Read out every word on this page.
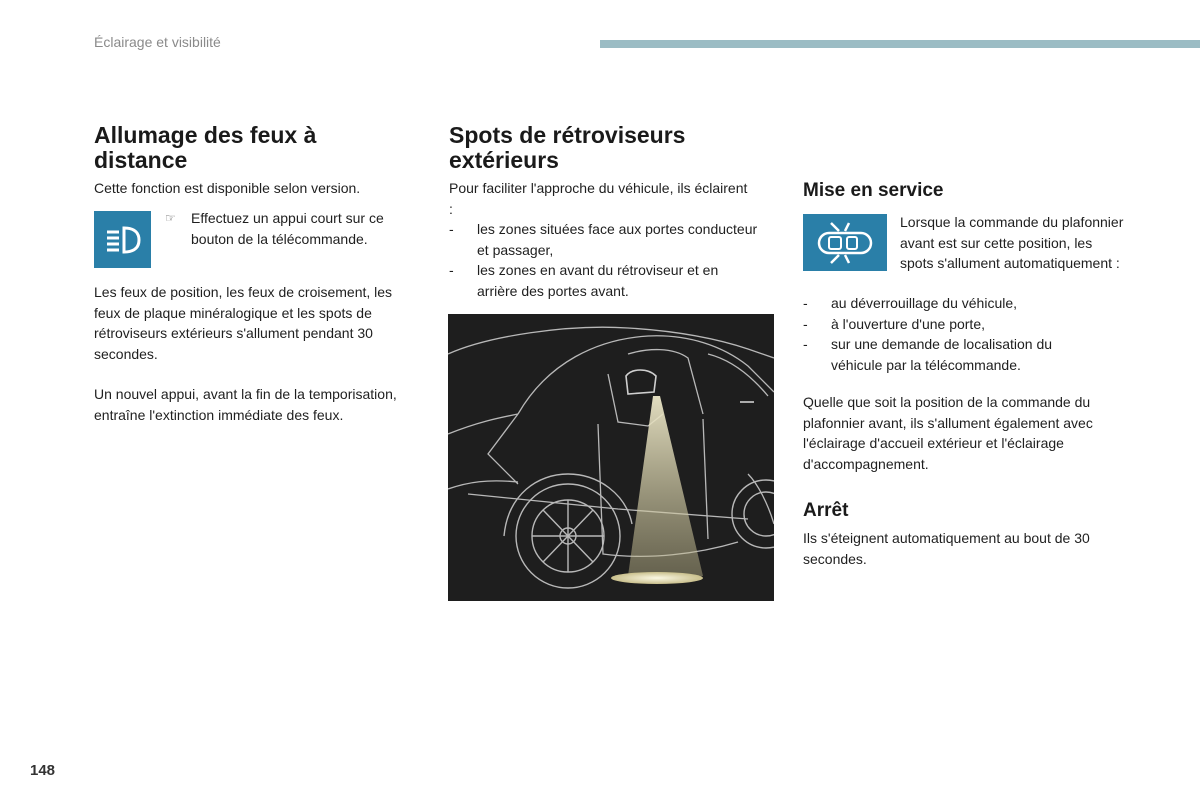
Éclairage et visibilité
Allumage des feux à distance

Cette fonction est disponible selon version.

☞ Effectuez un appui court sur ce bouton de la télécommande.

Les feux de position, les feux de croisement, les feux de plaque minéralogique et les spots de rétroviseurs extérieurs s'allument pendant 30 secondes.

Un nouvel appui, avant la fin de la temporisation, entraîne l'extinction immédiate des feux.

Spots de rétroviseurs extérieurs

Pour faciliter l'approche du véhicule, ils éclairent :

-	les zones situées face aux portes conducteur et passager,
-	les zones en avant du rétroviseur et en arrière des portes avant.
Mise en service

Lorsque la commande du plafonnier avant est sur cette position, les spots s'allument automatiquement :

-	au déverrouillage du véhicule,
-	à l'ouverture d'une porte,
-	sur une demande de localisation du véhicule par la télécommande.

Quelle que soit la position de la commande du plafonnier avant, ils s'allument également avec l'éclairage d'accueil extérieur et l'éclairage d'accompagnement.

Arrêt

Ils s'éteignent automatiquement au bout de 30 secondes.

148
